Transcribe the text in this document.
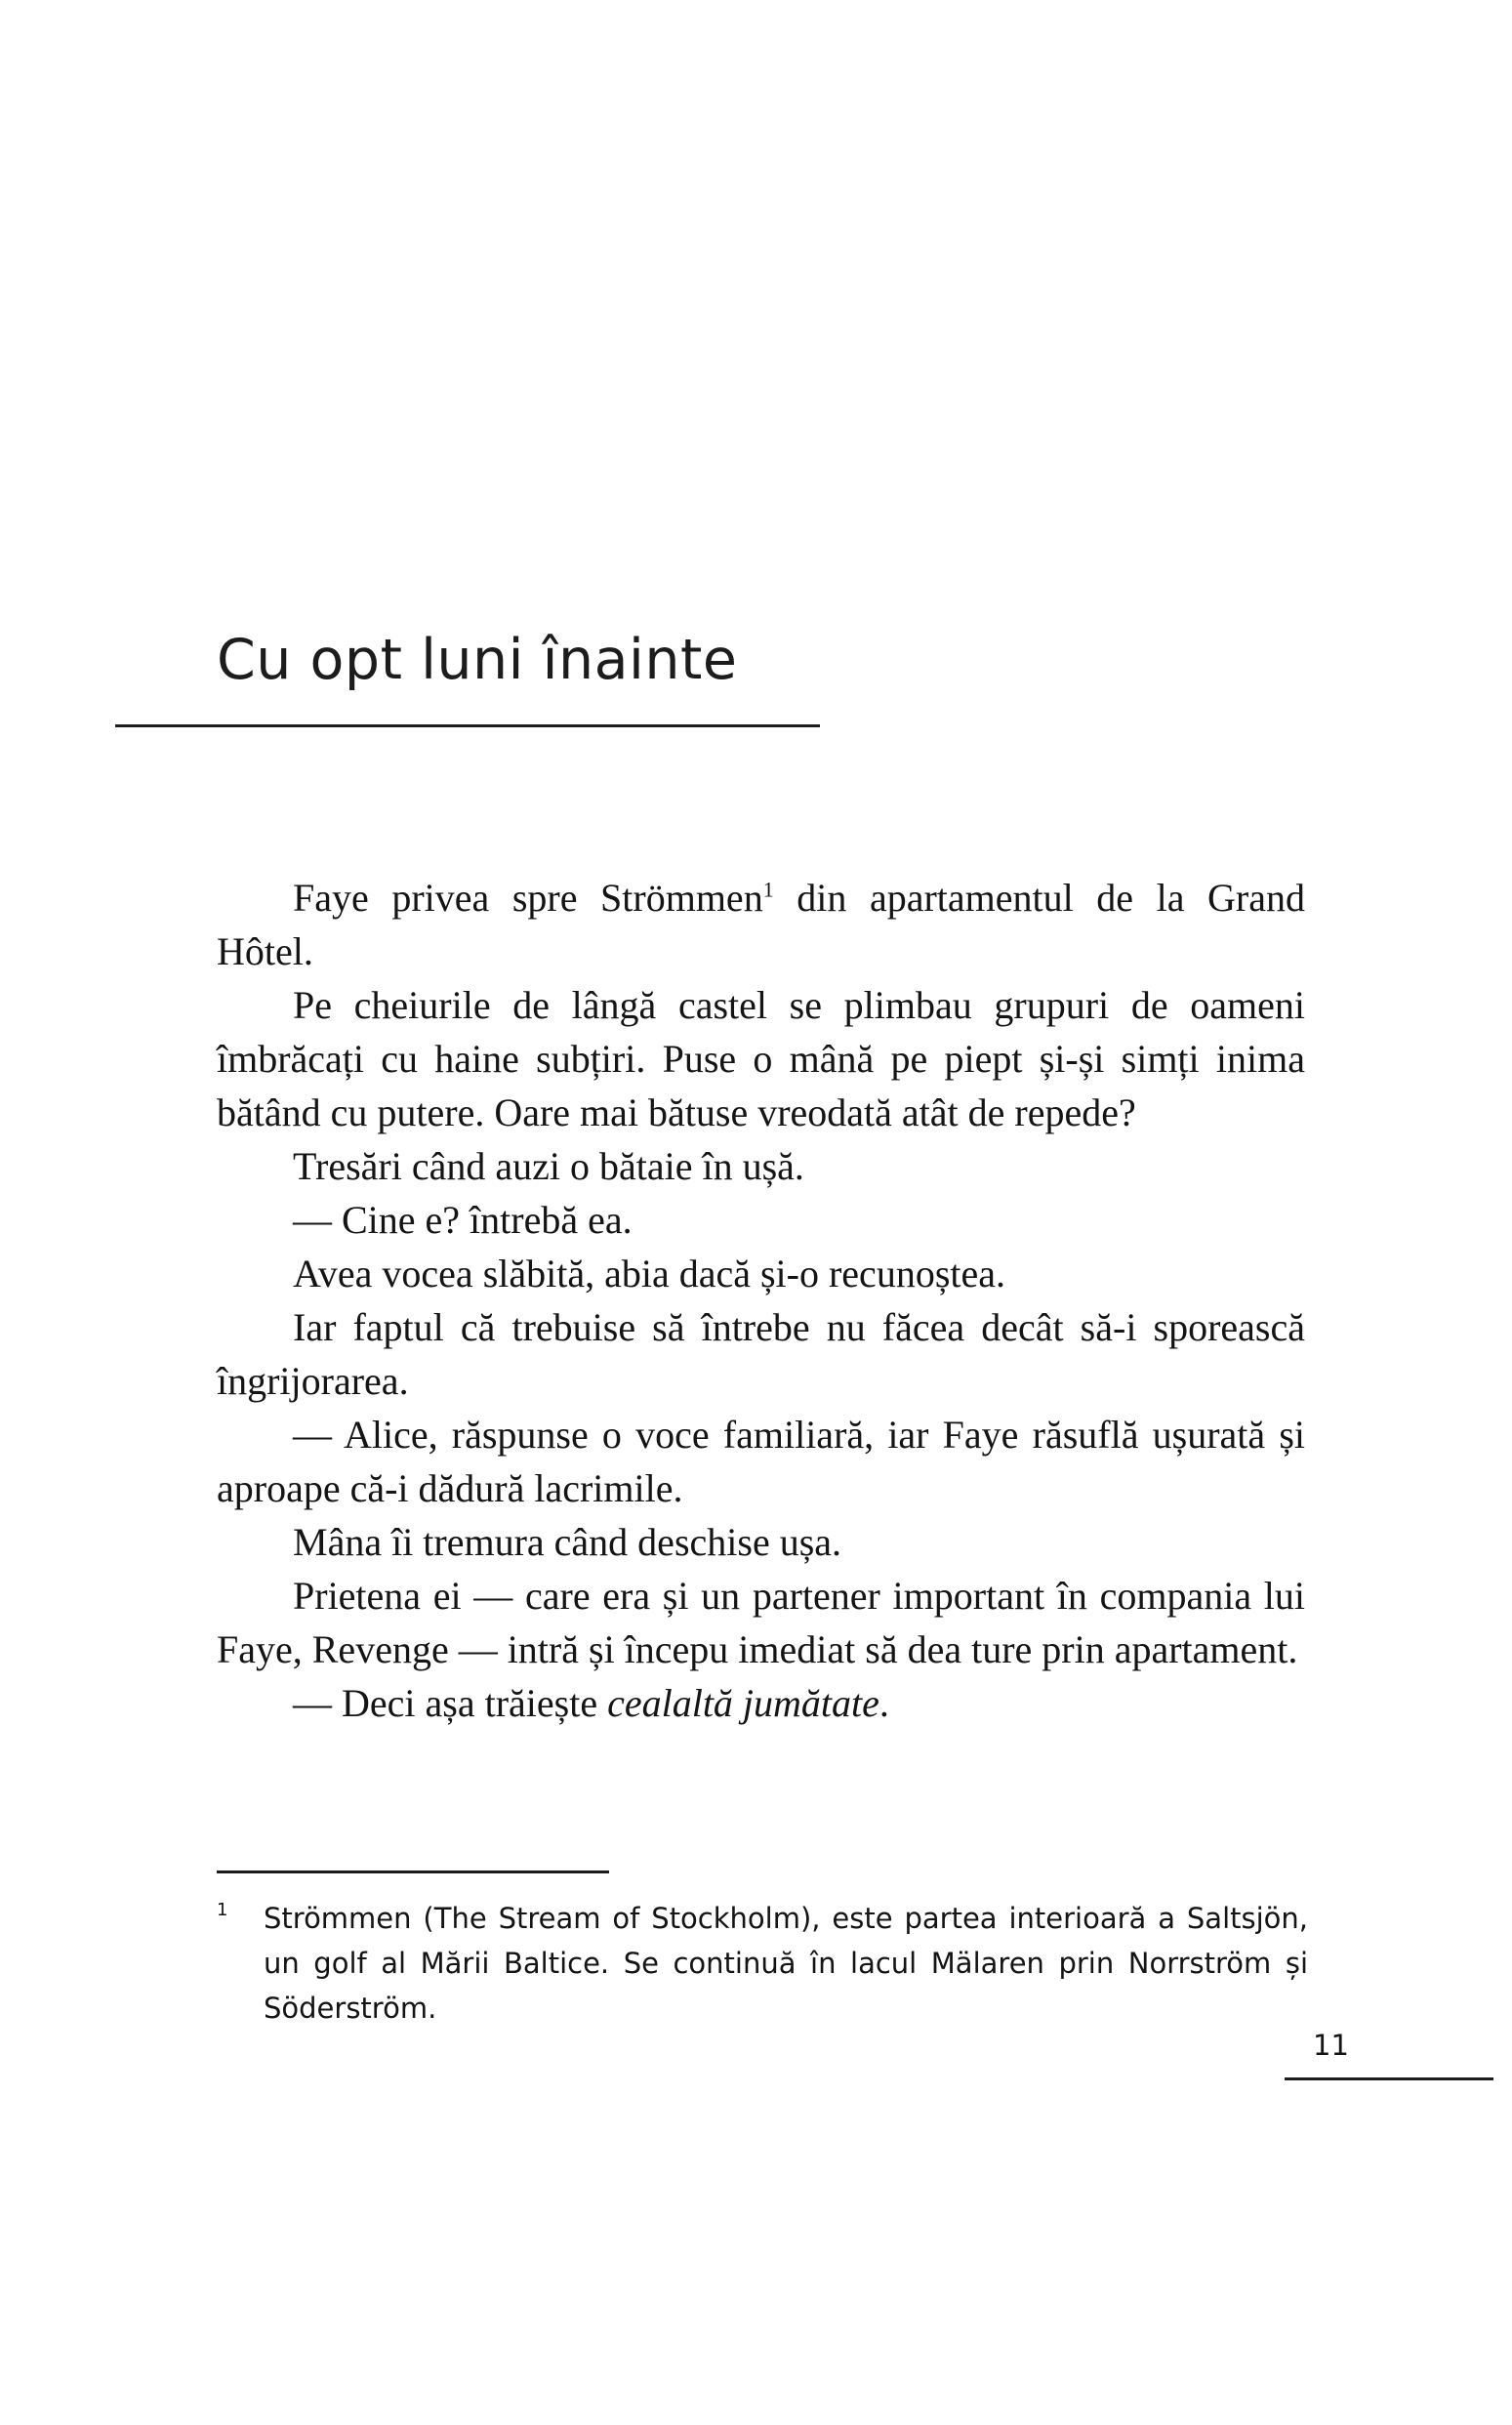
Cu opt luni înainte

Faye privea spre Strömmen$^1$ din apartamentul de la Grand Hôtel.

Pe cheiurile de lângă castel se plimbau grupuri de oameni îmbrăcați cu haine subțiri. Puse o mână pe piept și-și simți inima bătând cu putere. Oare mai bătuse vreodată atât de repede?

Tresări când auzi o bătaie în ușă.

— Cine e? întrebă ea.

Avea vocea slăbită, abia dacă și-o recunoștea.

Iar faptul că trebuise să întrebe nu făcea decât să-i sporească îngrijorarea.

— Alice, răspunse o voce familiară, iar Faye răsuflă ușurată și aproape că-i dădură lacrimile.

Mâna îi tremura când deschise ușa.

Prietena ei — care era și un partener important în compania lui Faye, Revenge — intră și începu imediat să dea ture prin apartament.

— Deci așa trăiește cealaltă jumătate.

1	Strömmen (The Stream of Stockholm), este partea interioară a Saltsjön, un golf al Mării Baltice. Se continuă în lacul Mälaren prin Norrström și Söderström.
11
